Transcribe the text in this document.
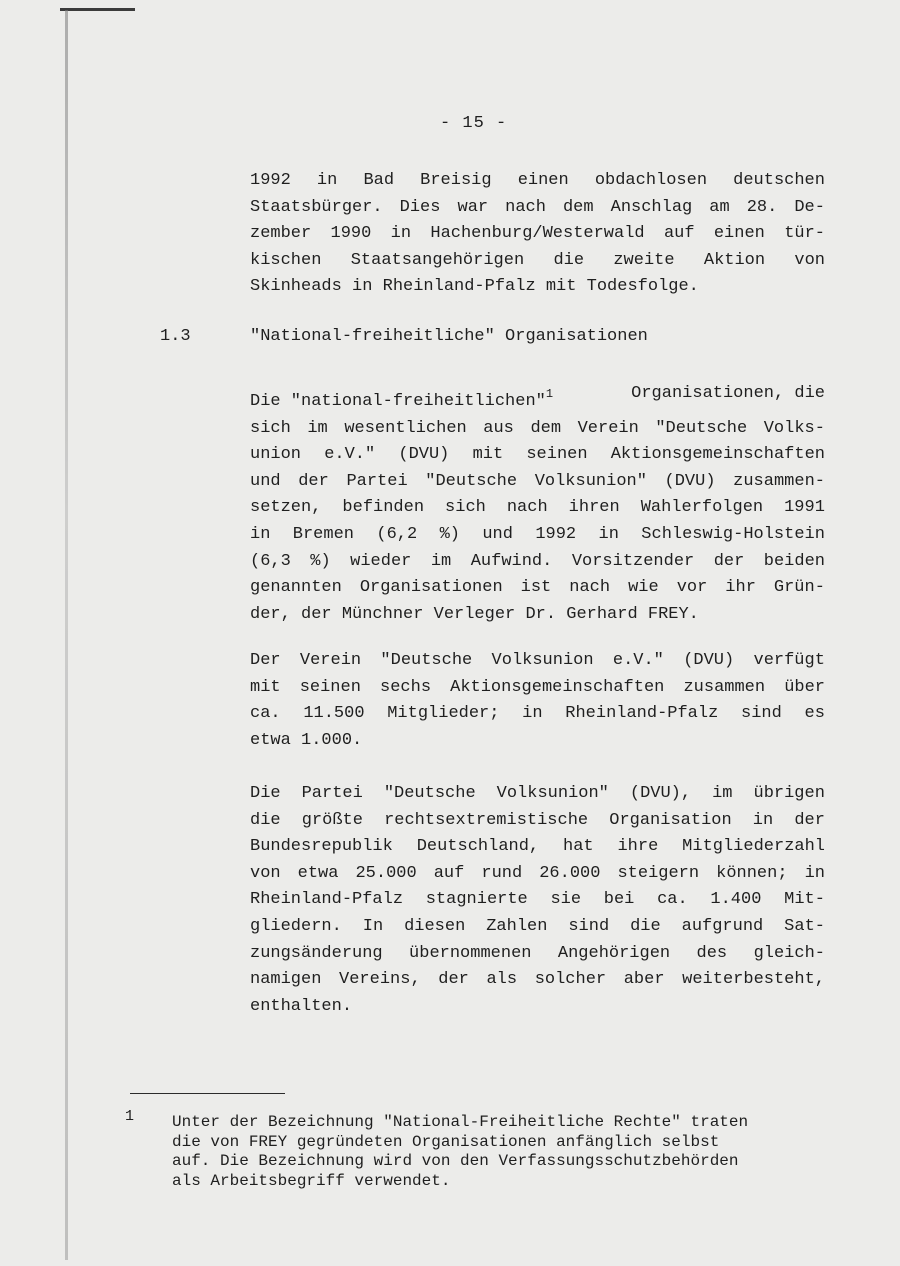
- 15 -
1992 in Bad Breisig einen obdachlosen deutschen
Staatsbürger. Dies war nach dem Anschlag am 28. De-
zember 1990 in Hachenburg/Westerwald auf einen tür-
kischen Staatsangehörigen die zweite Aktion von
Skinheads in Rheinland-Pfalz mit Todesfolge.
1.3	"National-freiheitliche" Organisationen
Die "national-freiheitlichen"$^1$	Organisationen, die
sich im wesentlichen aus dem Verein "Deutsche Volks-
union e.V." (DVU) mit seinen Aktionsgemeinschaften
und der Partei "Deutsche Volksunion" (DVU) zusammen-
setzen, befinden sich nach ihren Wahlerfolgen 1991
in Bremen (6,2 %) und 1992 in Schleswig-Holstein
(6,3 %) wieder im Aufwind. Vorsitzender der beiden
genannten Organisationen ist nach wie vor ihr Grün-
der, der Münchner Verleger Dr. Gerhard FREY.
Der Verein "Deutsche Volksunion e.V." (DVU) verfügt
mit seinen sechs Aktionsgemeinschaften zusammen über
ca. 11.500 Mitglieder; in Rheinland-Pfalz sind es
etwa 1.000.
Die Partei "Deutsche Volksunion" (DVU), im übrigen
die größte rechtsextremistische Organisation in der
Bundesrepublik Deutschland, hat ihre Mitgliederzahl
von etwa 25.000 auf rund 26.000 steigern können; in
Rheinland-Pfalz stagnierte sie bei ca. 1.400 Mit-
gliedern. In diesen Zahlen sind die aufgrund Sat-
zungsänderung übernommenen Angehörigen des gleich-
namigen Vereins, der als solcher aber weiterbesteht,
enthalten.
1 Unter der Bezeichnung "National-Freiheitliche Rechte" traten
die von FREY gegründeten Organisationen anfänglich selbst
auf. Die Bezeichnung wird von den Verfassungsschutzbehörden
als Arbeitsbegriff verwendet.
